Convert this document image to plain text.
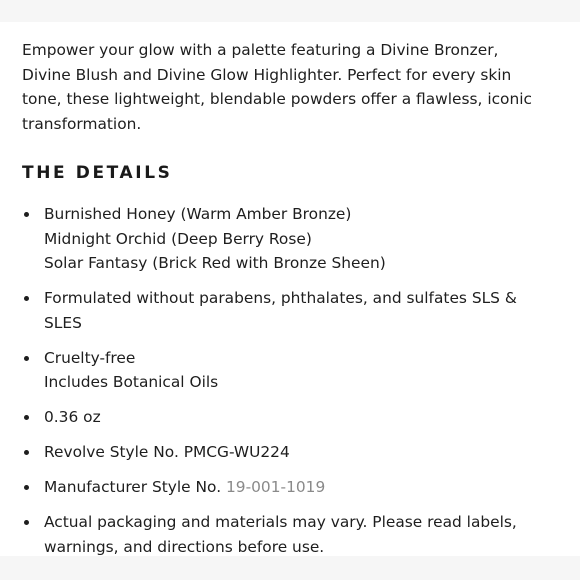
Empower your glow with a palette featuring a Divine Bronzer,
Divine Blush and Divine Glow Highlighter. Perfect for every skin
tone, these lightweight, blendable powders offer a flawless, iconic
transformation.

THE DETAILS
Burnished Honey (Warm Amber Bronze)
Midnight Orchid (Deep Berry Rose)
Solar Fantasy (Brick Red with Bronze Sheen)
Formulated without parabens, phthalates, and sulfates SLS &
SLES
Cruelty-free
Includes Botanical Oils
0.36 oz
Revolve Style No. PMCG-WU224
Manufacturer Style No. 19-001-1019
Actual packaging and materials may vary. Please read labels,
warnings, and directions before use.
